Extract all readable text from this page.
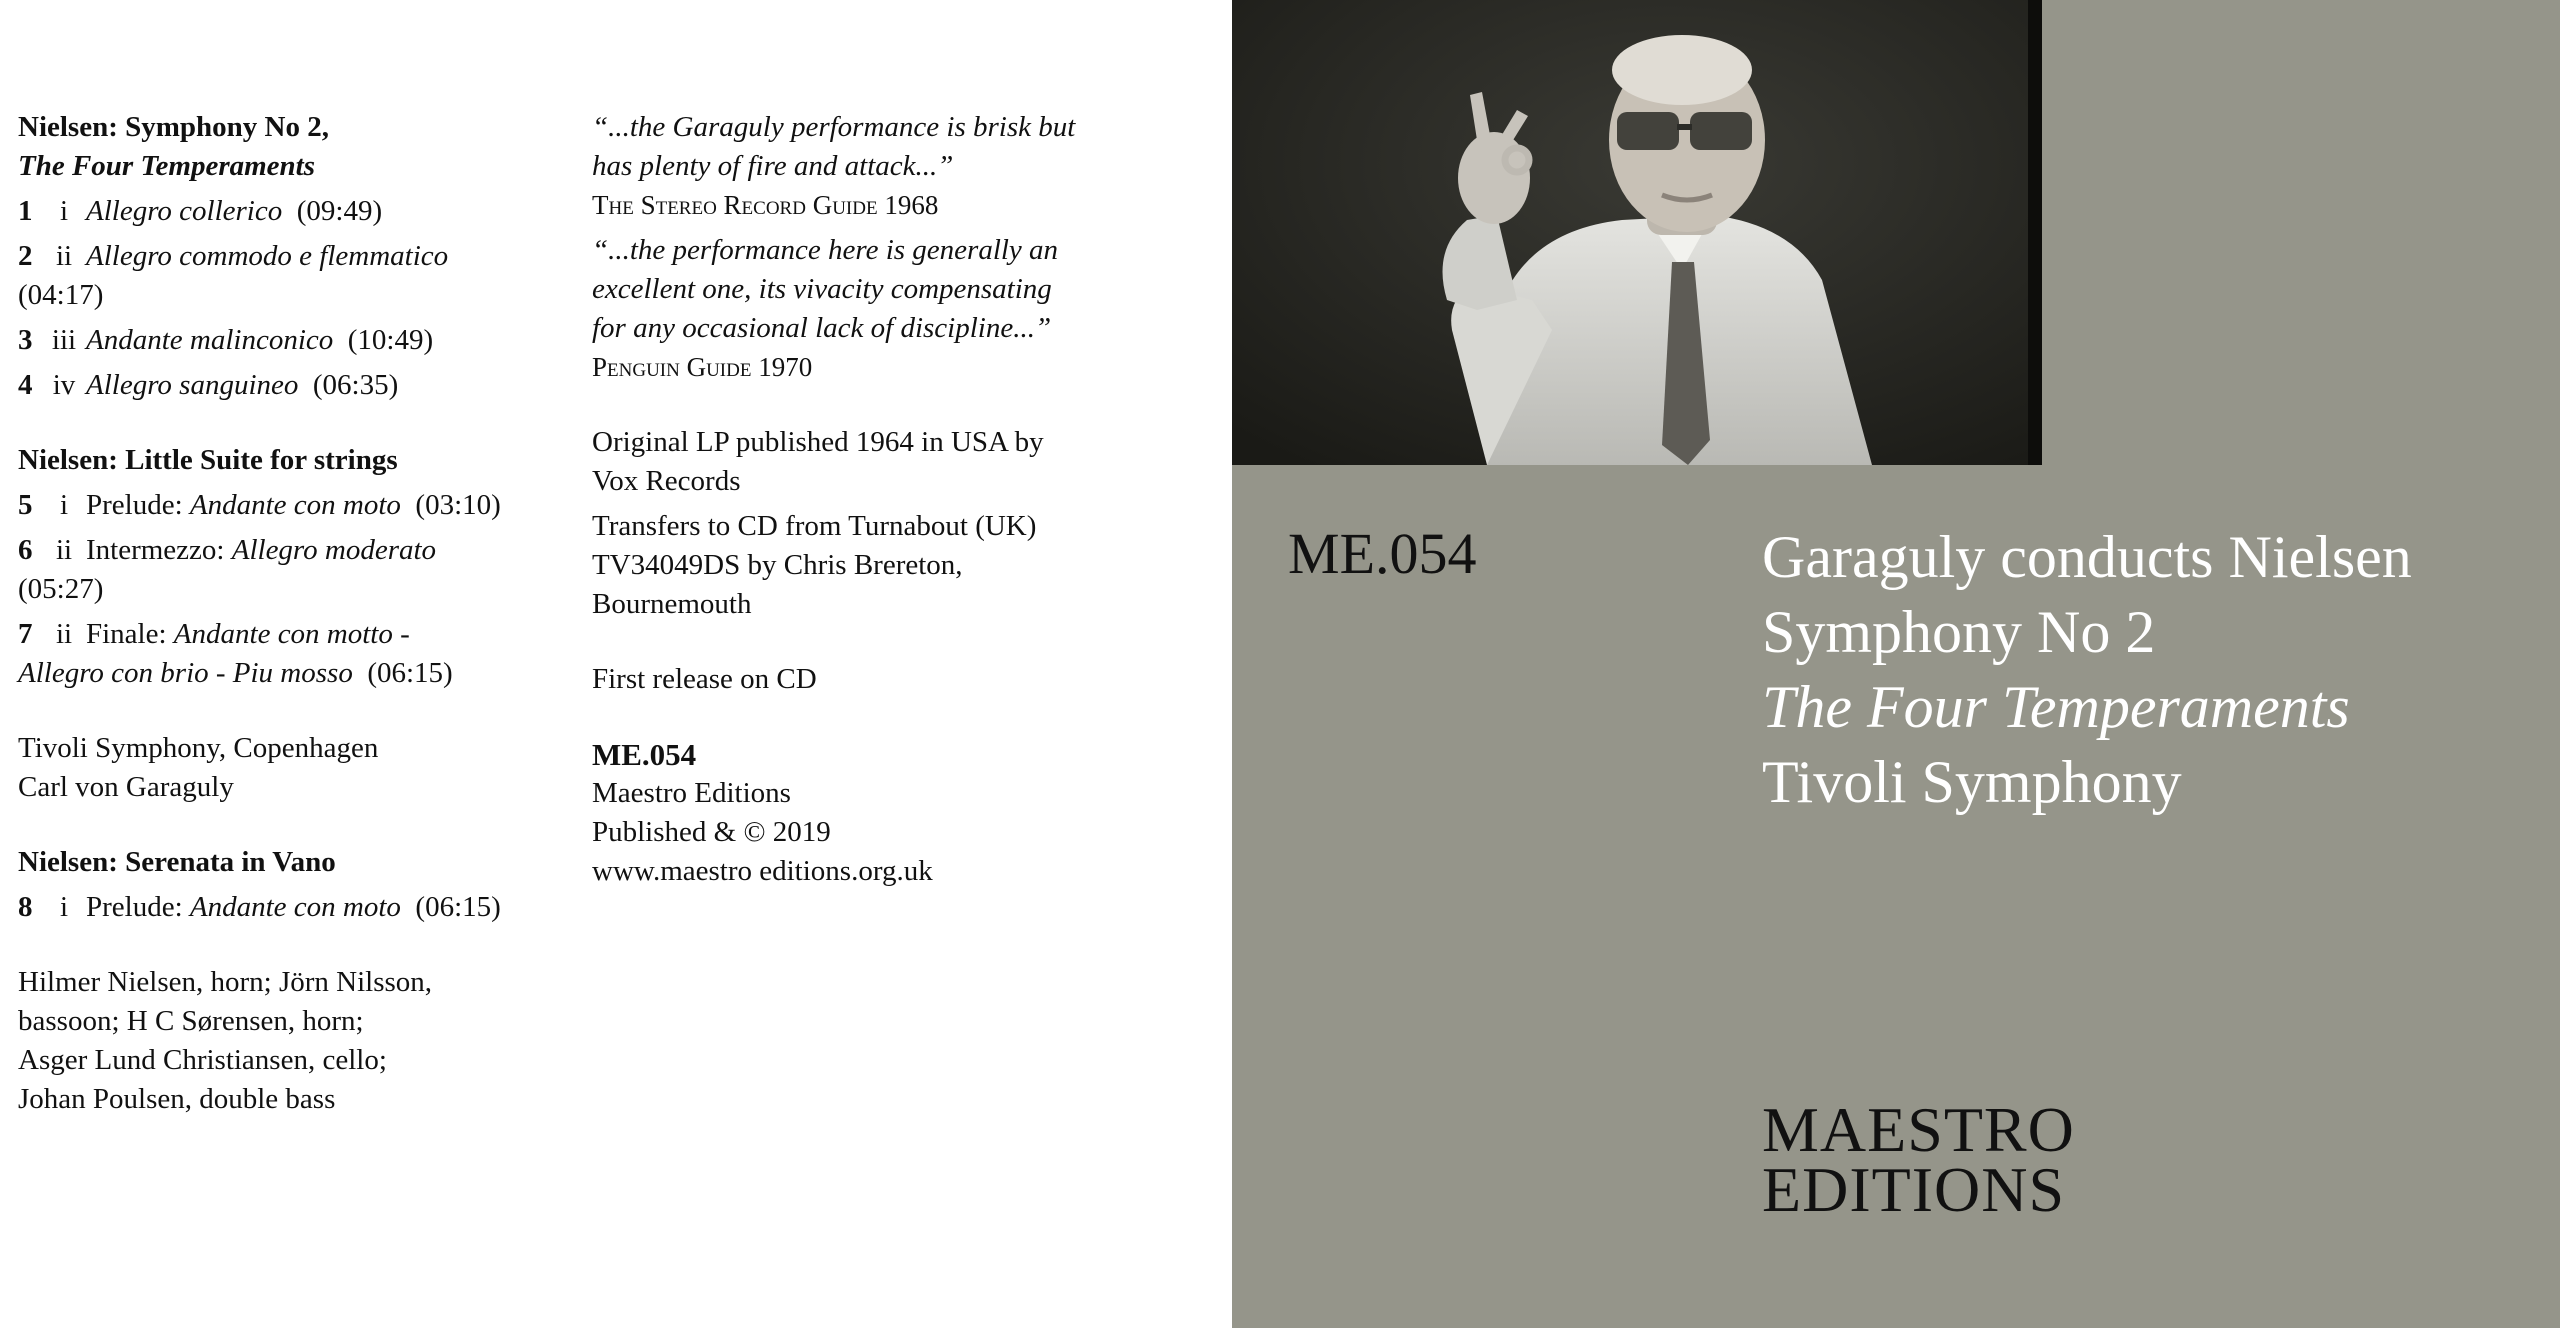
Nielsen: Symphony No 2,
The Four Temperaments
1 i Allegro collerico (09:49)
2 ii Allegro commodo e flemmatico
(04:17)
3 iii Andante malinconico (10:49)
4 iv Allegro sanguineo (06:35)
Nielsen: Little Suite for strings
5 i Prelude: Andante con moto (03:10)
6 ii Intermezzo: Allegro moderato
(05:27)
7 ii Finale: Andante con motto -
Allegro con brio - Piu mosso (06:15)
Tivoli Symphony, Copenhagen
Carl von Garaguly
Nielsen: Serenata in Vano
8 i Prelude: Andante con moto (06:15)
Hilmer Nielsen, horn; Jörn Nilsson,
bassoon; H C Sørensen, horn;
Asger Lund Christiansen, cello;
Johan Poulsen, double bass
“...the Garaguly performance is brisk but
has plenty of fire and attack...”
The Stereo Record Guide 1968
“...the performance here is generally an
excellent one, its vivacity compensating
for any occasional lack of discipline...”
Penguin Guide 1970
Original LP published 1964 in USA by
Vox Records
Transfers to CD from Turnabout (UK)
TV34049DS by Chris Brereton,
Bournemouth
First release on CD
ME.054
Maestro Editions
Published & © 2019
www.maestro editions.org.uk
ME.054	Garaguly conducts Nielsen
Symphony No 2
The Four Temperaments
Tivoli Symphony
MAESTRO
EDITIONS
